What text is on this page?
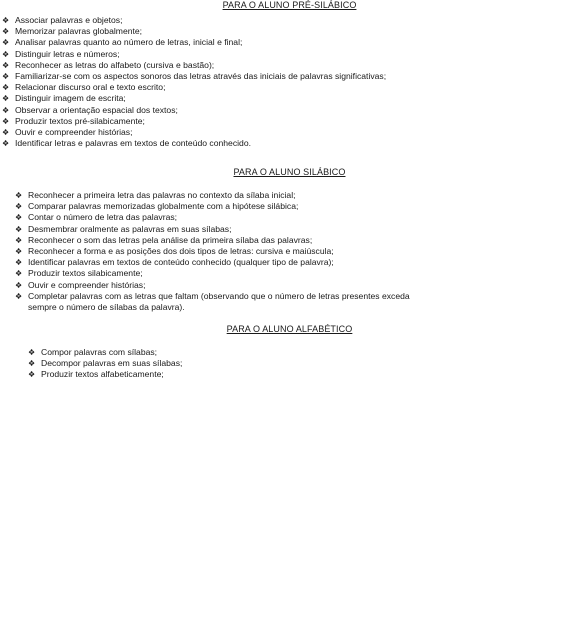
PARA O ALUNO PRÉ-SILÁBICO
❖ Associar palavras e objetos;
❖ Memorizar palavras globalmente;
❖ Analisar palavras quanto ao número de letras, inicial e final;
❖ Distinguir letras e números;
❖ Reconhecer as letras do alfabeto (cursiva e bastão);
❖ Familiarizar-se com os aspectos sonoros das letras através das iniciais de palavras significativas;
❖ Relacionar discurso oral e texto escrito;
❖ Distinguir imagem de escrita;
❖ Observar a orientação espacial dos textos;
❖ Produzir textos pré-silabicamente;
❖ Ouvir e compreender histórias;
❖ Identificar letras e palavras em textos de conteúdo conhecido.
PARA O ALUNO SILÁBICO
❖ Reconhecer a primeira letra das palavras no contexto da sílaba inicial;
❖ Comparar palavras memorizadas globalmente com a hipótese silábica;
❖ Contar o número de letra das palavras;
❖ Desmembrar oralmente as palavras em suas sílabas;
❖ Reconhecer o som das letras pela análise da primeira sílaba das palavras;
❖ Reconhecer a forma e as posições dos dois tipos de letras: cursiva e maiúscula;
❖ Identificar palavras em textos de conteúdo conhecido (qualquer tipo de palavra);
❖ Produzir textos silabicamente;
❖ Ouvir e compreender histórias;
❖ Completar palavras com as letras que faltam (observando que o número de letras presentes exceda sempre o número de sílabas da palavra).
PARA O ALUNO ALFABÉTICO
❖ Compor palavras com sílabas;
❖ Decompor palavras em suas sílabas;
❖ Produzir textos alfabeticamente;
